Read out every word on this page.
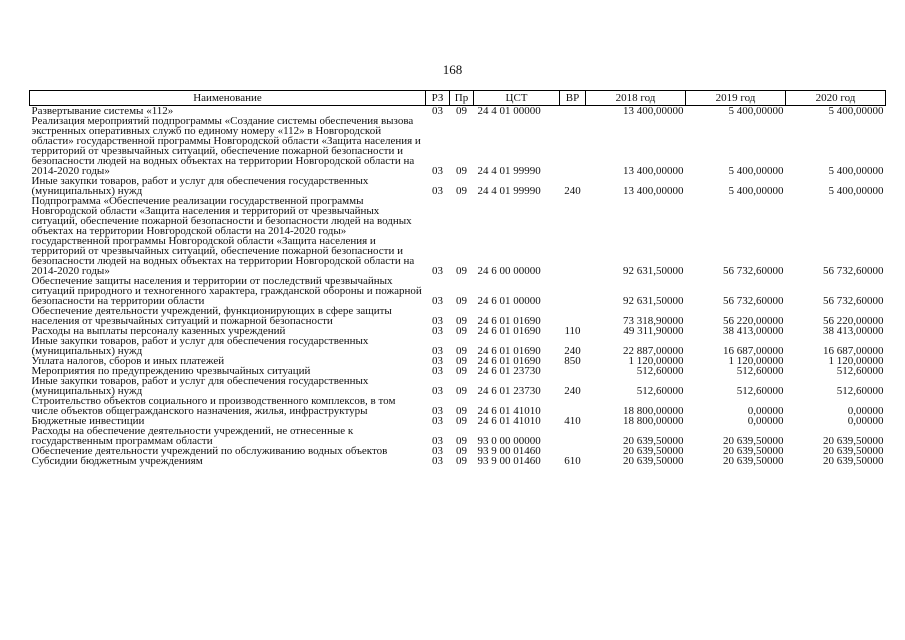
168
Наименование	РЗ	Пр	ЦСТ	ВР	2018 год	2019 год	2020 год
Развертывание системы «112»	03	09	24 4 01 00000		13 400,00000	5 400,00000	5 400,00000
Реализация мероприятий подпрограммы «Создание системы обеспечения вызова экстренных оперативных служб по единому номеру «112» в Новгородской области» государственной программы Новгородской области «Защита населения и территорий от чрезвычайных ситуаций, обеспечение пожарной безопасности и безопасности людей на водных объектах на территории Новгородской области на 2014-2020 годы»	03	09	24 4 01 99990		13 400,00000	5 400,00000	5 400,00000
Иные закупки товаров, работ и услуг для обеспечения государственных (муниципальных) нужд	03	09	24 4 01 99990	240	13 400,00000	5 400,00000	5 400,00000
Подпрограмма «Обеспечение реализации государственной программы Новгородской области «Защита населения и территорий от чрезвычайных ситуаций, обеспечение пожарной безопасности и безопасности людей на водных объектах на территории Новгородской области на 2014-2020 годы» государственной программы Новгородской области «Защита населения и территорий от чрезвычайных ситуаций, обеспечение пожарной безопасности и безопасности людей на водных объектах на территории Новгородской области на 2014-2020 годы»	03	09	24 6 00 00000		92 631,50000	56 732,60000	56 732,60000
Обеспечение защиты населения и территории от последствий чрезвычайных ситуаций природного и техногенного характера, гражданской обороны и пожарной безопасности на территории области	03	09	24 6 01 00000		92 631,50000	56 732,60000	56 732,60000
Обеспечение деятельности учреждений, функционирующих в сфере защиты населения от чрезвычайных ситуаций и пожарной безопасности	03	09	24 6 01 01690		73 318,90000	56 220,00000	56 220,00000
Расходы на выплаты персоналу казенных учреждений	03	09	24 6 01 01690	110	49 311,90000	38 413,00000	38 413,00000
Иные закупки товаров, работ и услуг для обеспечения государственных (муниципальных) нужд	03	09	24 6 01 01690	240	22 887,00000	16 687,00000	16 687,00000
Уплата налогов, сборов и иных платежей	03	09	24 6 01 01690	850	1 120,00000	1 120,00000	1 120,00000
Мероприятия по предупреждению чрезвычайных ситуаций	03	09	24 6 01 23730		512,60000	512,60000	512,60000
Иные закупки товаров, работ и услуг для обеспечения государственных (муниципальных) нужд	03	09	24 6 01 23730	240	512,60000	512,60000	512,60000
Строительство объектов социального и производственного комплексов, в том числе объектов общегражданского назначения, жилья, инфраструктуры	03	09	24 6 01 41010		18 800,00000	0,00000	0,00000
Бюджетные инвестиции	03	09	24 6 01 41010	410	18 800,00000	0,00000	0,00000
Расходы на обеспечение деятельности учреждений, не отнесенные к государственным программам области	03	09	93 0 00 00000		20 639,50000	20 639,50000	20 639,50000
Обеспечение деятельности учреждений по обслуживанию водных объектов	03	09	93 9 00 01460		20 639,50000	20 639,50000	20 639,50000
Субсидии бюджетным учреждениям	03	09	93 9 00 01460	610	20 639,50000	20 639,50000	20 639,50000
